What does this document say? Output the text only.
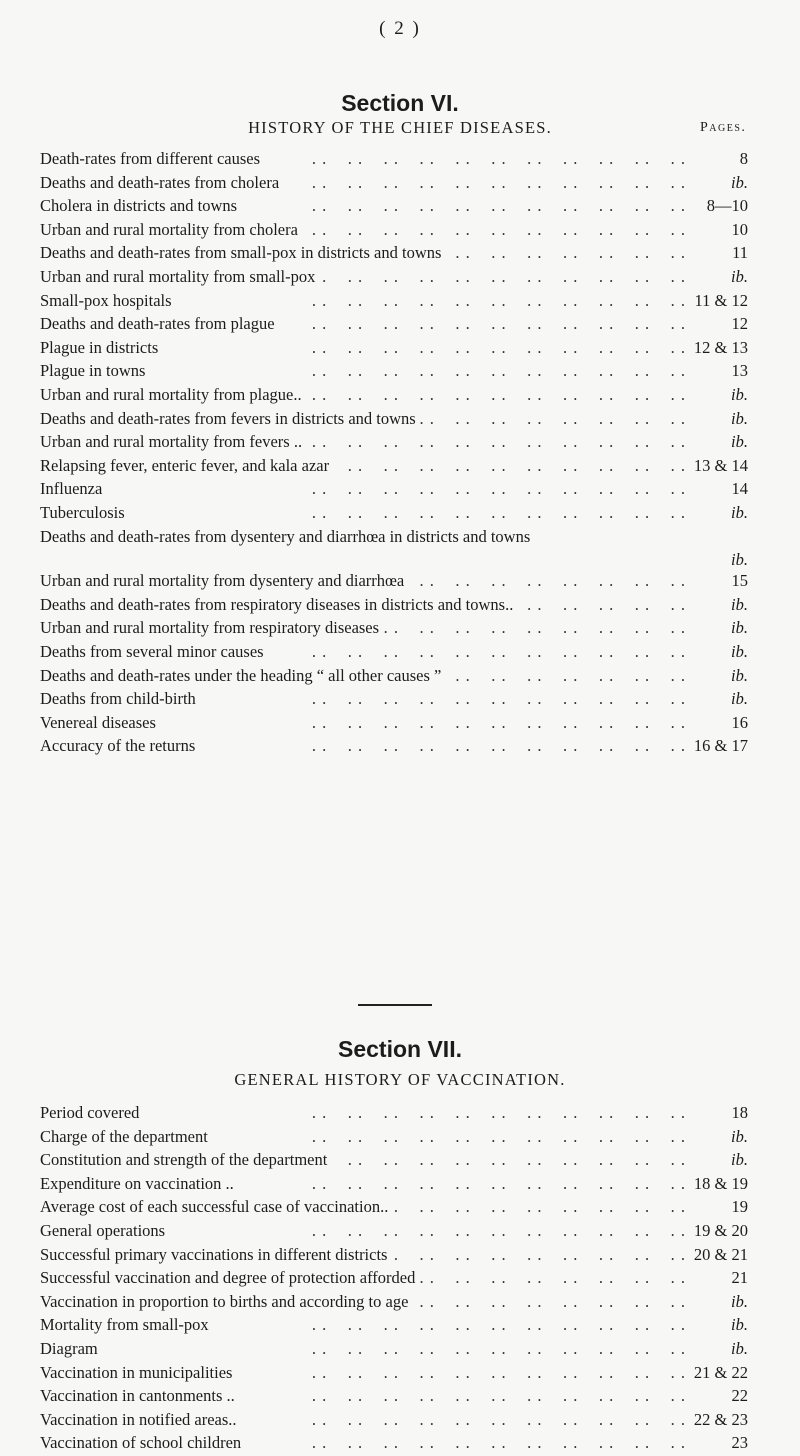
( 2 )
Section VI.
HISTORY OF THE CHIEF DISEASES.	Pages.
Death-rates from different causes . .	8
Deaths and death-rates from cholera . .	ib.
Cholera in districts and towns . .	8—10
Urban and rural mortality from cholera . .	10
Deaths and death-rates from small-pox in districts and towns . .	11
Urban and rural mortality from small-pox . .	ib.
Small-pox hospitals . .	11 & 12
Deaths and death-rates from plague . .	12
Plague in districts . .	12 & 13
Plague in towns . .	13
Urban and rural mortality from plague.. . .	ib.
Deaths and death-rates from fevers in districts and towns . .	ib.
Urban and rural mortality from fevers .. . .	ib.
Relapsing fever, enteric fever, and kala azar . .	13 & 14
Influenza . .	14
Tuberculosis . .	ib.
Deaths and death-rates from dysentery and diarrhœa in districts and towns . .
ib.
Urban and rural mortality from dysentery and diarrhœa . .	15
Deaths and death-rates from respiratory diseases in districts and towns.. . .	ib.
Urban and rural mortality from respiratory diseases . .	ib.
Deaths from several minor causes . .	ib.
Deaths and death-rates under the heading “ all other causes ” . .	ib.
Deaths from child-birth . .	ib.
Venereal diseases . .	16
Accuracy of the returns . .	16 & 17
Section VII.
GENERAL HISTORY OF VACCINATION.
Period covered . .	18
Charge of the department . .	ib.
Constitution and strength of the department . .	ib.
Expenditure on vaccination .. . .	18 & 19
Average cost of each successful case of vaccination.. . .	19
General operations . .	19 & 20
Successful primary vaccinations in different districts . .	20 & 21
Successful vaccination and degree of protection afforded . .	21
Vaccination in proportion to births and according to age . .	ib.
Mortality from small-pox . .	ib.
Diagram . .	ib.
Vaccination in municipalities . .	21 & 22
Vaccination in cantonments .. . .	22
Vaccination in notified areas.. . .	22 & 23
Vaccination of school children . .	23
